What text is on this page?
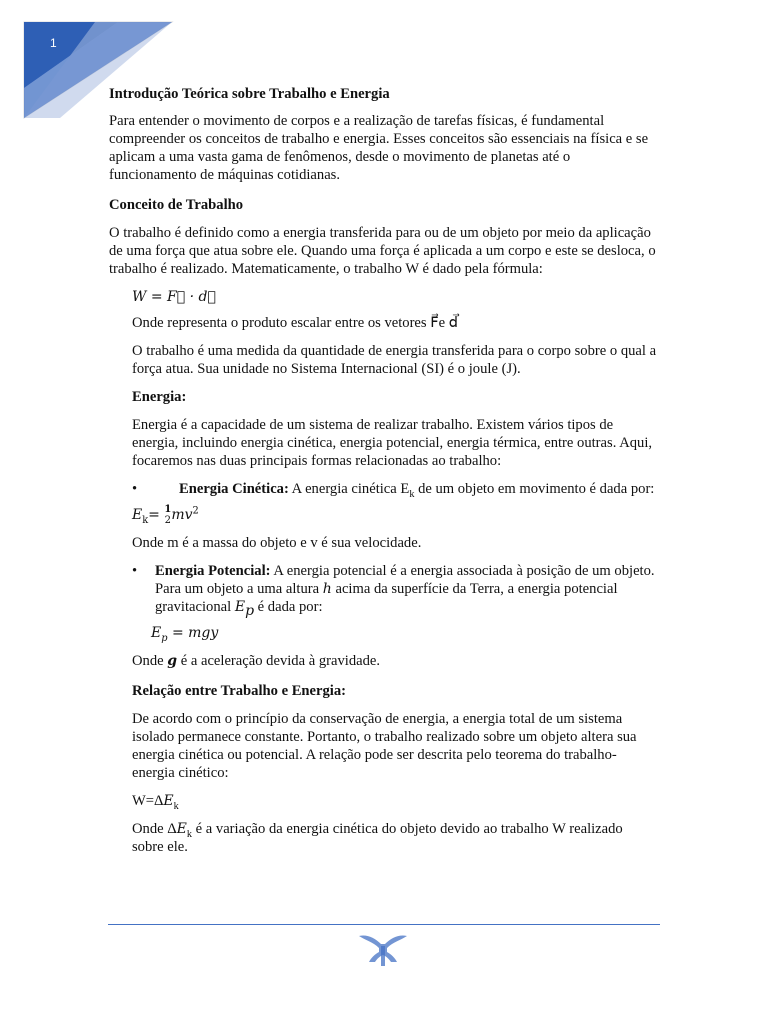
1

Introdução Teórica sobre Trabalho e Energia

Para entender o movimento de corpos e a realização de tarefas físicas, é fundamental compreender os conceitos de trabalho e energia. Esses conceitos são essenciais na física e se aplicam a uma vasta gama de fenômenos, desde o movimento de planetas até o funcionamento de máquinas cotidianas.

Conceito de Trabalho

O trabalho é definido como a energia transferida para ou de um objeto por meio da aplicação de uma força que atua sobre ele. Quando uma força é aplicada a um corpo e este se desloca, o trabalho é realizado. Matematicamente, o trabalho W é dado pela fórmula:

W = F⃗ · d⃗

Onde representa o produto escalar entre os vetores F⃗e d⃗

O trabalho é uma medida da quantidade de energia transferida para o corpo sobre o qual a força atua. Sua unidade no Sistema Internacional (SI) é o joule (J).

Energia:

Energia é a capacidade de um sistema de realizar trabalho. Existem vários tipos de energia, incluindo energia cinética, energia potencial, energia térmica, entre outras. Aqui, focaremos nas duas principais formas relacionadas ao trabalho:

•	Energia Cinética: A energia cinética $E_k$ de um objeto em movimento é dada por:

$E_k= 1$
2 $mv^2$

Onde m é a massa do objeto e v é sua velocidade.

• Energia Potencial: A energia potencial é a energia associada à posição de um objeto. Para um objeto a uma altura h acima da superfície da Terra, a energia potencial gravitacional $E_p$ é dada por:

$E_p$ = mgy

Onde g é a aceleração devida à gravidade.

Relação entre Trabalho e Energia:

De acordo com o princípio da conservação de energia, a energia total de um sistema isolado permanece constante. Portanto, o trabalho realizado sobre um objeto altera sua energia cinética ou potencial. A relação pode ser descrita pelo teorema do trabalho-energia cinético:

$W=\Delta E_k$

Onde $\Delta E_k$ é a variação da energia cinética do objeto devido ao trabalho W realizado sobre ele.
